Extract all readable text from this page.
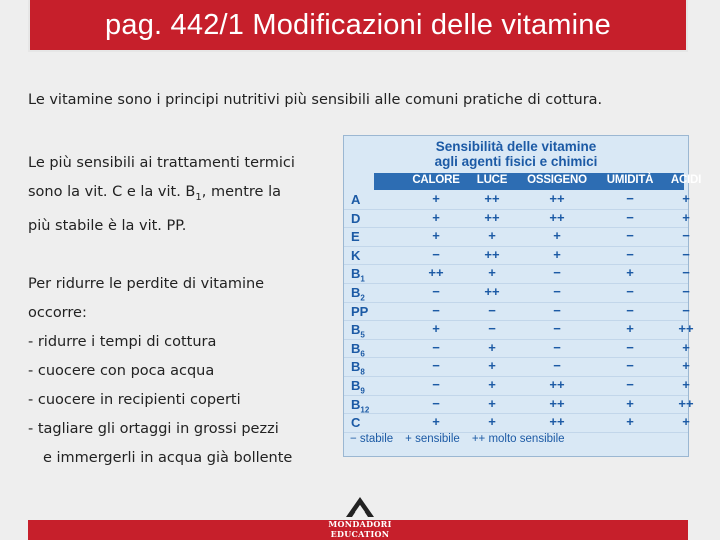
pag. 442/1 Modificazioni delle vitamine
Le vitamine sono i principi nutritivi più sensibili alle comuni pratiche di cottura.

Le più sensibili ai trattamenti termici

sono la vit. C e la vit. $B_1$, mentre la

più stabile è la vit. PP.

Per ridurre le perdite di vitamine

occorre:

- ridurre i tempi di cottura
- cuocere con poca acqua
- cuocere in recipienti coperti
- tagliare gli ortaggi in grossi pezzi
e immergerli in acqua già bollente
Sensibilità delle vitamine
agli agenti fisici e chimici
CALORE LUCE OSSIGENO UMIDITÀ ACIDI
A	+	++	++	−	+
D	+	++	++	−	+
E	+	+	+	−	−
K	−	++	+	−	−
$B_1$	++	+	−	+	−
$B_2$	−	++	−	−	−
PP	−	−	−	−	−
$B_5$	+	−	−	+	++
$B_6$	−	+	−	−	+
$B_8$	−	+	−	−	+
$B_9$	−	+	++	−	+
$B_{12}$	−	+	++	+	++
C	+	+	++	+	+
− stabile + sensibile ++ molto sensibile
MONDADORI EDUCATION
